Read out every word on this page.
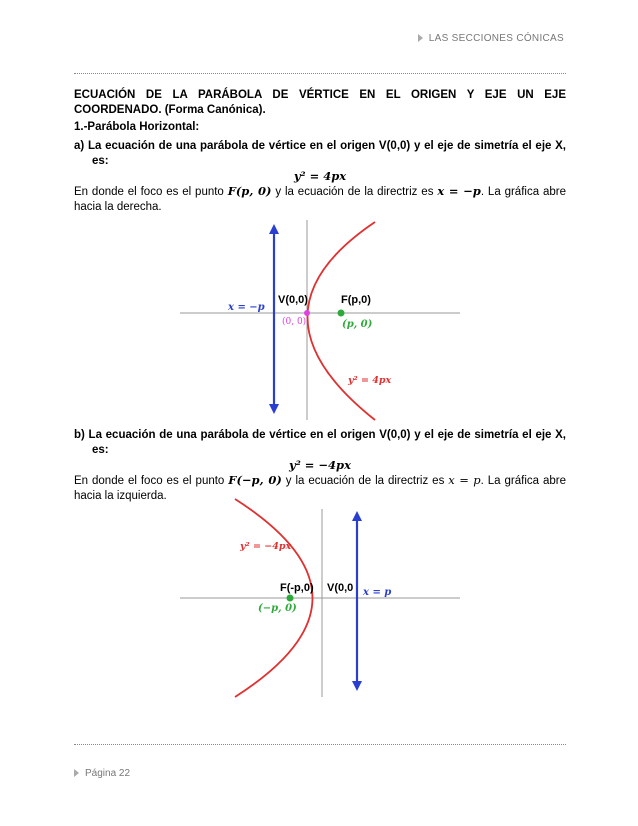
LAS SECCIONES CÓNICAS
ECUACIÓN DE LA PARÁBOLA DE VÉRTICE EN EL ORIGEN Y EJE UN EJE COORDENADO. (Forma Canónica).
1.-Parábola Horizontal:
a) La ecuación de una parábola de vértice en el origen V(0,0) y el eje de simetría el eje X, es:
y² = 4px
En donde el foco es el punto F(p, 0) y la ecuación de la directriz es x = −p. La gráfica abre hacia la derecha.
x = −p
V(0,0)
(0, 0)
F(p,0)
(p, 0)
y² = 4px
b) La ecuación de una parábola de vértice en el origen V(0,0) y el eje de simetría el eje X, es:
y² = −4px
En donde el foco es el punto F(−p, 0) y la ecuación de la directriz es x = p. La gráfica abre hacia la izquierda.
y² = −4px
F(-p,0)
(−p, 0)
V(0,0 x = p
Página 22
